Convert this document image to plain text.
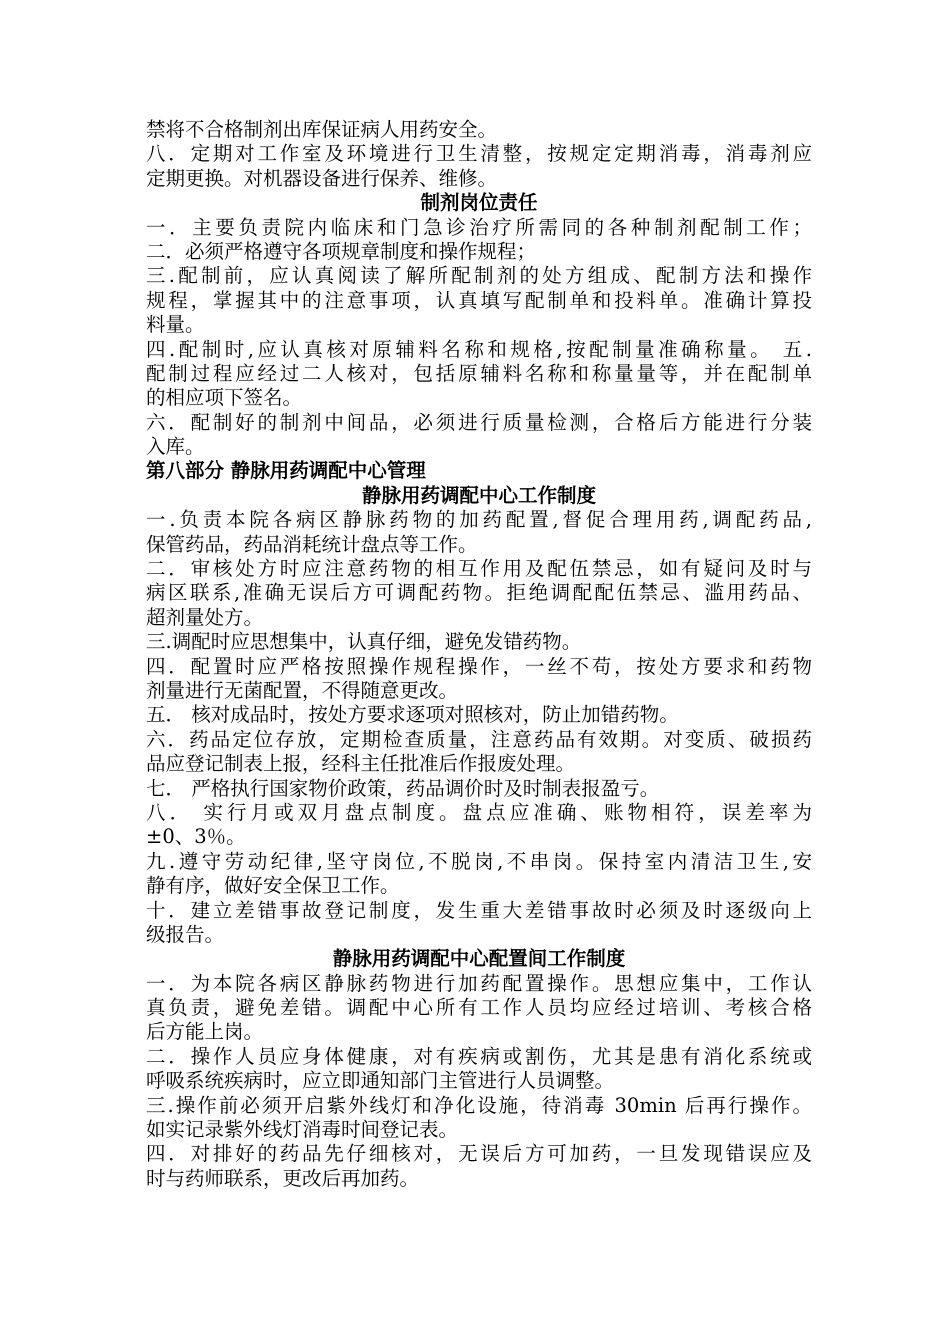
禁将不合格制剂出库保证病人用药安全。
八．定期对工作室及环境进行卫生清整，按规定定期消毒，消毒剂应
定期更换。对机器设备进行保养、维修。
制剂岗位责任
一．主要负责院内临床和门急诊治疗所需同的各种制剂配制工作；
二．必须严格遵守各项规章制度和操作规程；
三.配制前，应认真阅读了解所配制剂的处方组成、配制方法和操作
规程，掌握其中的注意事项，认真填写配制单和投料单。准确计算投
料量。
四.配制时,应认真核对原辅料名称和规格,按配制量准确称量。 五.
配制过程应经过二人核对，包括原辅料名称和称量量等，并在配制单
的相应项下签名。
六．配制好的制剂中间品，必须进行质量检测，合格后方能进行分装
入库。
第八部分 静脉用药调配中心管理
静脉用药调配中心工作制度
一.负责本院各病区静脉药物的加药配置,督促合理用药,调配药品,
保管药品，药品消耗统计盘点等工作。
二．审核处方时应注意药物的相互作用及配伍禁忌，如有疑问及时与
病区联系,准确无误后方可调配药物。拒绝调配配伍禁忌、滥用药品、
超剂量处方。
三.调配时应思想集中，认真仔细，避免发错药物。
四．配置时应严格按照操作规程操作，一丝不苟，按处方要求和药物
剂量进行无菌配置，不得随意更改。
五． 核对成品时，按处方要求逐项对照核对，防止加错药物。
六．药品定位存放，定期检查质量，注意药品有效期。对变质、破损药
品应登记制表上报，经科主任批准后作报废处理。
七． 严格执行国家物价政策，药品调价时及时制表报盈亏。
八． 实行月或双月盘点制度。盘点应准确、账物相符，误差率为
±0、3％。
九.遵守劳动纪律,坚守岗位,不脱岗,不串岗。保持室内清洁卫生,安
静有序，做好安全保卫工作。
十．建立差错事故登记制度，发生重大差错事故时必须及时逐级向上
级报告。
静脉用药调配中心配置间工作制度
一．为本院各病区静脉药物进行加药配置操作。思想应集中，工作认
真负责，避免差错。调配中心所有工作人员均应经过培训、考核合格
后方能上岗。
二．操作人员应身体健康，对有疾病或割伤，尤其是患有消化系统或
呼吸系统疾病时，应立即通知部门主管进行人员调整。
三.操作前必须开启紫外线灯和净化设施，待消毒 30min 后再行操作。
如实记录紫外线灯消毒时间登记表。
四．对排好的药品先仔细核对，无误后方可加药，一旦发现错误应及
时与药师联系，更改后再加药。
